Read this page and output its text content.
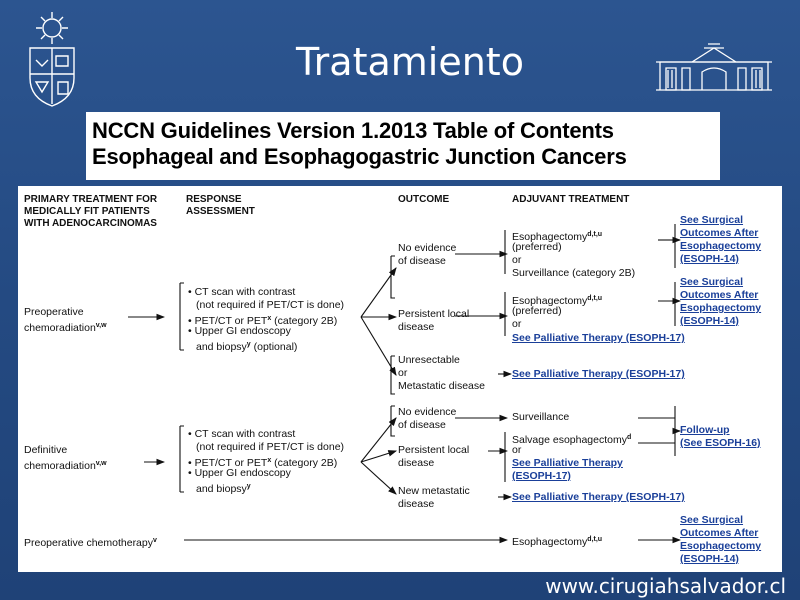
Tratamiento
NCCN Guidelines Version 1.2013 Table of Contents
Esophageal and Esophagogastric Junction Cancers
PRIMARY TREATMENT FOR
MEDICALLY FIT PATIENTS
WITH ADENOCARCINOMAS
RESPONSE
ASSESSMENT
OUTCOME	ADJUVANT TREATMENT
Preoperative
chemoradiation$^{v,w}$
Definitive
chemoradiation$^{v,w}$
Preoperative chemotherapy$^v$
• CT scan with contrast
(not required if PET/CT is done)
• PET/CT or PET$^x$ (category 2B)
• Upper GI endoscopy
and biopsy$^y$ (optional)
• CT scan with contrast
(not required if PET/CT is done)
• PET/CT or PET$^x$ (category 2B)
• Upper GI endoscopy
and biopsy$^y$
No evidence
of disease
Persistent local
disease
Unresectable
or
Metastatic disease
No evidence
of disease
Persistent local
disease
New metastatic
disease
Esophagectomy$^{d,t,u}$
(preferred)
or
Surveillance (category 2B)
Esophagectomy$^{d,t,u}$
(preferred)
or
See Palliative Therapy (ESOPH-17)
See Palliative Therapy (ESOPH-17)
Surveillance
Salvage esophagectomy$^d$
or
See Palliative Therapy
(ESOPH-17)
See Palliative Therapy (ESOPH-17)
Esophagectomy$^{d,t,u}$
See Surgical
Outcomes After
Esophagectomy
(ESOPH-14)
See Surgical
Outcomes After
Esophagectomy
(ESOPH-14)
Follow-up
(See ESOPH-16)
See Surgical
Outcomes After
Esophagectomy
(ESOPH-14)
www.cirugiahsalvador.cl
